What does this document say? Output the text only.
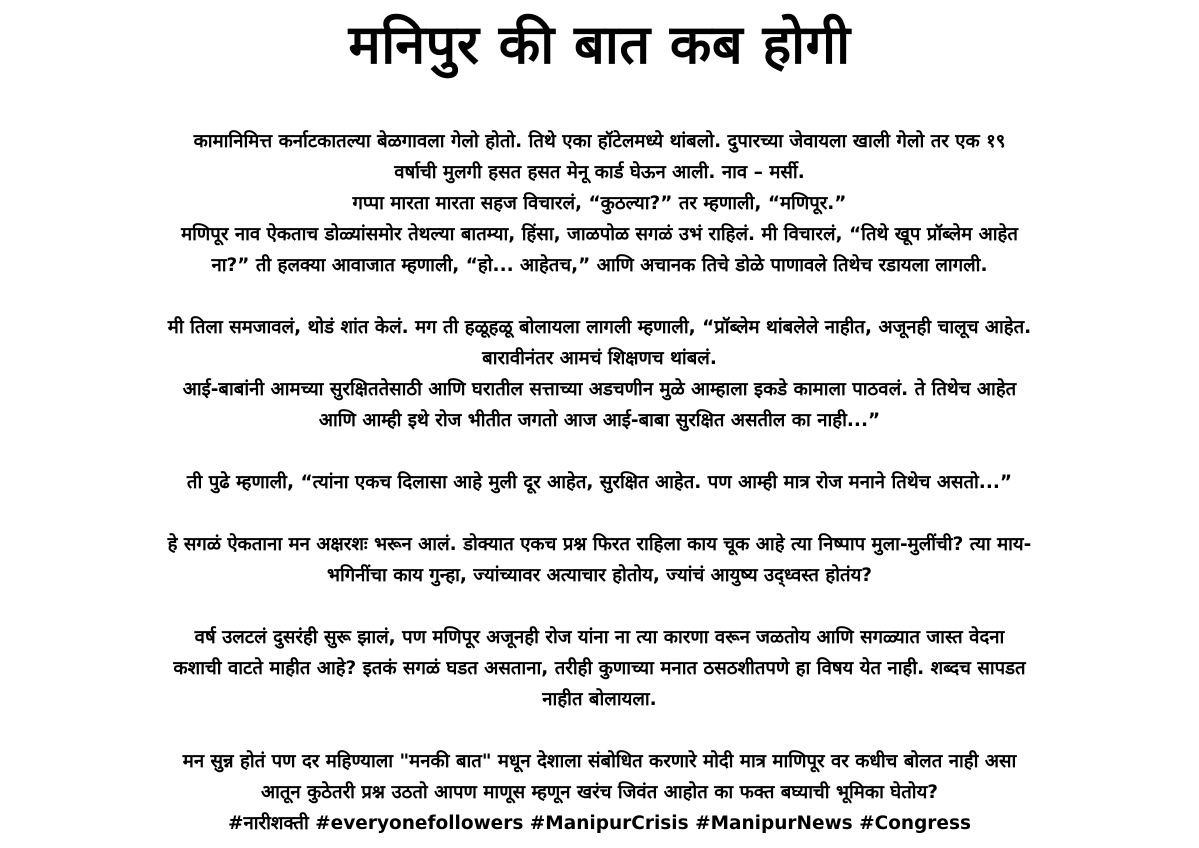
मनिपुर की बात कब होगी

कामानिमित्त कर्नाटकातल्या बेळगावला गेलो होतो. तिथे एका हॉटेलमध्ये थांबलो. दुपारच्या जेवायला खाली गेलो तर एक १९
वर्षाची मुलगी हसत हसत मेनू कार्ड घेऊन आली. नाव – मर्सी.
गप्पा मारता मारता सहज विचारलं, “कुठल्या?” तर म्हणाली, “मणिपूर.”
मणिपूर नाव ऐकताच डोळ्यांसमोर तेथल्या बातम्या, हिंसा, जाळपोळ सगळं उभं राहिलं. मी विचारलं, “तिथे खूप प्रॉब्लेम आहेत
ना?” ती हलक्या आवाजात म्हणाली, “हो... आहेतच,” आणि अचानक तिचे डोळे पाणावले तिथेच रडायला लागली.

मी तिला समजावलं, थोडं शांत केलं. मग ती हळूहळू बोलायला लागली म्हणाली, “प्रॉब्लेम थांबलेले नाहीत, अजूनही चालूच आहेत.
बारावीनंतर आमचं शिक्षणच थांबलं.
आई-बाबांनी आमच्या सुरक्षिततेसाठी आणि घरातील सत्ताच्या अडचणीन मुळे आम्हाला इकडे कामाला पाठवलं. ते तिथेच आहेत
आणि आम्ही इथे रोज भीतीत जगतो आज आई-बाबा सुरक्षित असतील का नाही...”

ती पुढे म्हणाली, “त्यांना एकच दिलासा आहे मुली दूर आहेत, सुरक्षित आहेत. पण आम्ही मात्र रोज मनाने तिथेच असतो...”

हे सगळं ऐकताना मन अक्षरशः भरून आलं. डोक्यात एकच प्रश्न फिरत राहिला काय चूक आहे त्या निष्पाप मुला-मुलींची? त्या माय-
भगिनींचा काय गुन्हा, ज्यांच्यावर अत्याचार होतोय, ज्यांचं आयुष्य उद्ध्वस्त होतंय?

वर्ष उलटलं दुसरंही सुरू झालं, पण मणिपूर अजूनही रोज यांना ना त्या कारणा वरून जळतोय आणि सगळ्यात जास्त वेदना
कशाची वाटते माहीत आहे? इतकं सगळं घडत असताना, तरीही कुणाच्या मनात ठसठशीतपणे हा विषय येत नाही. शब्दच सापडत
नाहीत बोलायला.

मन सुन्न होतं पण दर महिण्याला "मनकी बात" मधून देशाला संबोधित करणारे मोदी मात्र माणिपूर वर कधीच बोलत नाही असा
आतून कुठेतरी प्रश्न उठतो आपण माणूस म्हणून खरंच जिवंत आहोत का फक्त बघ्याची भूमिका घेतोय?
#नारीशक्ती #everyonefollowers #ManipurCrisis #ManipurNews #Congress
